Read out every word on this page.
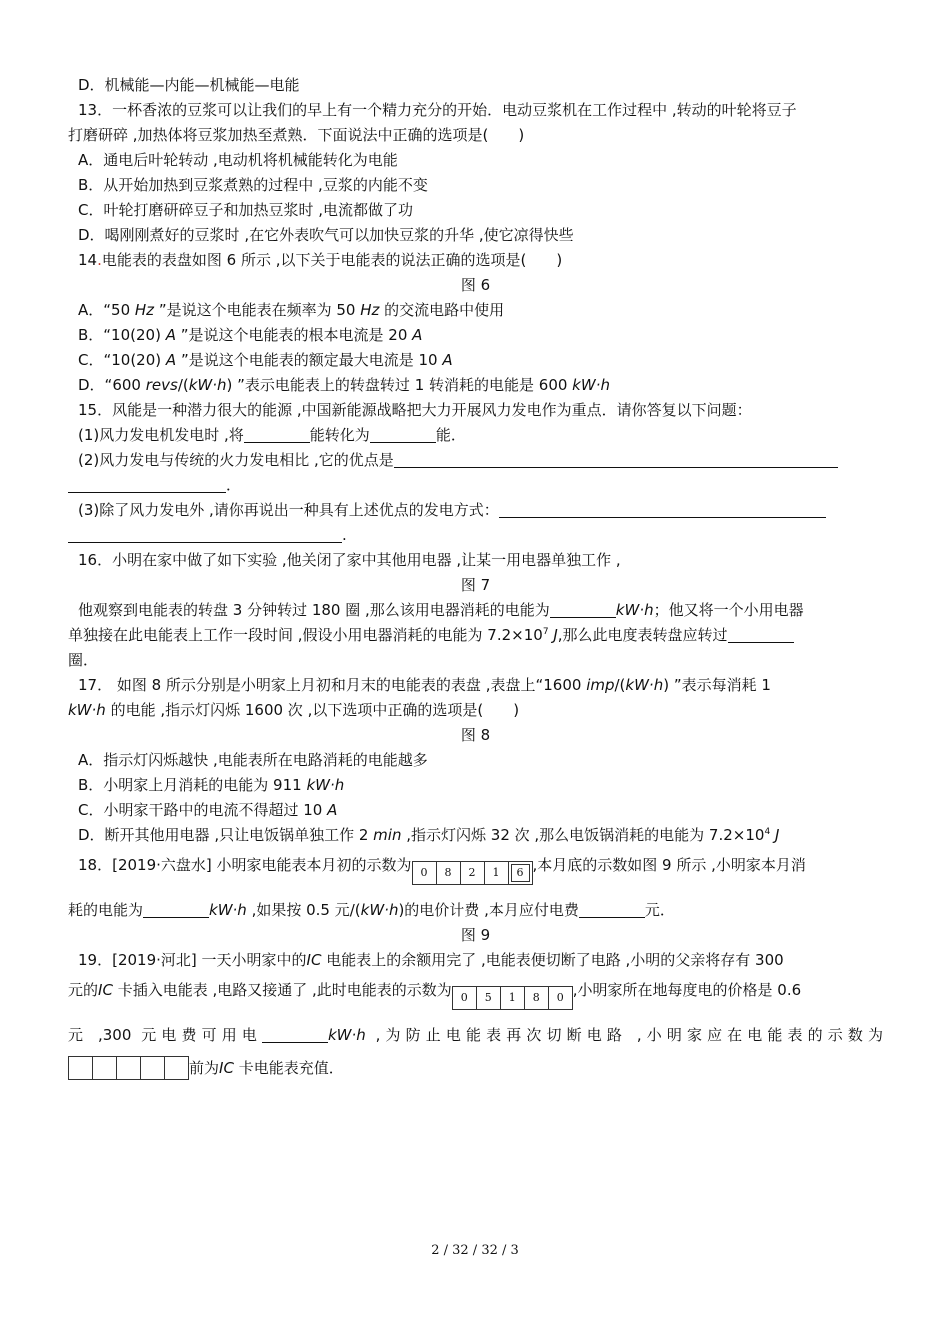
D．机械能—内能—机械能—电能
13．一杯香浓的豆浆可以让我们的早上有一个精力充分的开始．电动豆浆机在工作过程中 ,转动的叶轮将豆子
打磨研碎 ,加热体将豆浆加热至煮熟．下面说法中正确的选项是(　　)
A．通电后叶轮转动 ,电动机将机械能转化为电能
B．从开始加热到豆浆煮熟的过程中 ,豆浆的内能不变
C．叶轮打磨研碎豆子和加热豆浆时 ,电流都做了功
D．喝刚刚煮好的豆浆时 ,在它外表吹气可以加快豆浆的升华 ,使它凉得快些
14.电能表的表盘如图 6 所示 ,以下关于电能表的说法正确的选项是(　　)
图 6
A．“50 Hz ”是说这个电能表在频率为 50 Hz 的交流电路中使用
B．“10(20) A ”是说这个电能表的根本电流是 20 A
C．“10(20) A ”是说这个电能表的额定最大电流是 10 A
D．“600 revs/(kW·h) ”表示电能表上的转盘转过 1 转消耗的电能是 600 kW·h
15．风能是一种潜力很大的能源 ,中国新能源战略把大力开展风力发电作为重点．请你答复以下问题：
(1)风力发电机发电时 ,将	能转化为	能．
(2)风力发电与传统的火力发电相比 ,它的优点是
．
(3)除了风力发电外 ,请你再说出一种具有上述优点的发电方式：
.
16．小明在家中做了如下实验 ,他关闭了家中其他用电器 ,让某一用电器单独工作 ,
图 7
他观察到电能表的转盘 3 分钟转过 180 圈 ,那么该用电器消耗的电能为	kW·h；他又将一个小用电器
单独接在此电能表上工作一段时间 ,假设小用电器消耗的电能为 $7.2\times 10^7$ J,那么此电度表转盘应转过
圈．
17． 如图 8 所示分别是小明家上月初和月末的电能表的表盘 ,表盘上“1600 imp/(kW·h) ”表示每消耗 1
kW·h 的电能 ,指示灯闪烁 1600 次 ,以下选项中正确的选项是(　　)
图 8
A．指示灯闪烁越快 ,电能表所在电路消耗的电能越多
B．小明家上月消耗的电能为 911 kW·h
C．小明家干路中的电流不得超过 10 A
D．断开其他用电器 ,只让电饭锅单独工作 2 min ,指示灯闪烁 32 次 ,那么电饭锅消耗的电能为 $7.2\times 10^4$ J
18．[2019·六盘水] 小明家电能表本月初的示数为 0	8	2	1	6 ,本月底的示数如图 9 所示 ,小明家本月消
耗的电能为	kW·h ,如果按 0.5 元/(kW·h)的电价计费 ,本月应付电费	元．
图 9
19．[2019·河北] 一天小明家中的IC 电能表上的余额用完了 ,电能表便切断了电路 ,小明的父亲将存有 300
元的IC 卡插入电能表 ,电路又接通了 ,此时电能表的示数为 0	5	1	8	0 ,小明家所在地每度电的价格是 0.6
元 ,300 元电费可用电	kW·h ,为防止电能表再次切断电路 ,小明家应在电能表的示数为
前为IC 卡电能表充值．
2 / 32 / 32 / 3
